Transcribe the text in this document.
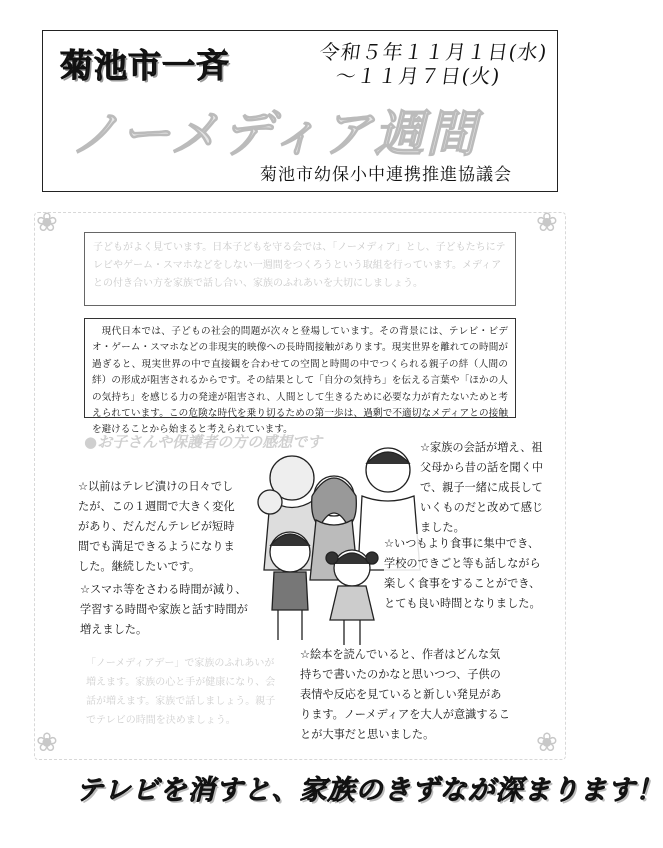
菊池市一斉	令和５年１１月１日(水)
～１１月７日(火)
ノーメディア週間
菊池市幼保小中連携推進協議会
❀	❀
❀	❀
子どもがよく見ています。日本子どもを守る会では、「ノーメディア」とし、子どもたちにテレビやゲーム・スマホなどをしない一週間をつくろうという取組を行っています。メディアとの付き合い方を家族で話し合い、家族のふれあいを大切にしましょう。
現代日本では、子どもの社会的問題が次々と登場しています。その背景には、テレビ・ビデオ・ゲーム・スマホなどの非現実的映像への長時間接触があります。現実世界を離れての時間が過ぎると、現実世界の中で直接観を合わせての空間と時間の中でつくられる親子の絆（人間の絆）の形成が阻害されるからです。その結果として「自分の気持ち」を伝える言葉や「ほかの人の気持ち」を感じる力の発達が阻害され、人間として生きるために必要な力が育たないためと考えられています。この危険な時代を乗り切るための第一歩は、過剰で不適切なメディアとの接触を避けることから始まると考えられています。
●お子さんや保護者の方の感想です
☆以前はテレビ漬けの日々でしたが、この１週間で大きく変化があり、だんだんテレビが短時間でも満足できるようになりました。継続したいです。
☆スマホ等をさわる時間が減り、学習する時間や家族と話す時間が増えました。
☆家族の会話が増え、祖父母から昔の話を聞く中で、親子一緒に成長していくものだと改めて感じました。
☆いつもより食事に集中でき、学校のできごと等も話しながら楽しく食事をすることができ、とても良い時間となりました。
☆絵本を読んでいると、作者はどんな気持ちで書いたのかなと思いつつ、子供の表情や反応を見ていると新しい発見があります。ノーメディアを大人が意識することが大事だと思いました。
「ノーメディアデー」で家族のふれあいが増えます。家族の心と手が健康になり、会話が増えます。家族で話しましょう。親子でテレビの時間を決めましょう。
テレビを消すと、家族のきずなが深まります！
